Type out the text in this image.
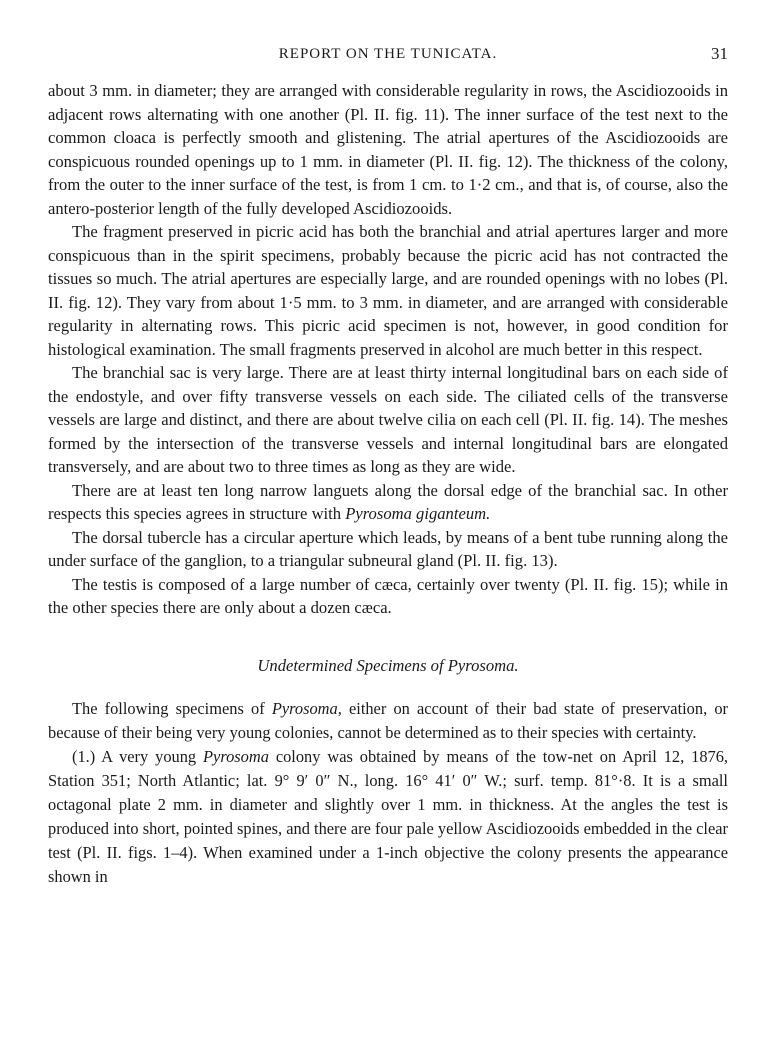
REPORT ON THE TUNICATA.	31

about 3 mm. in diameter; they are arranged with considerable regularity in rows, the Ascidiozooids in adjacent rows alternating with one another (Pl. II. fig. 11). The inner surface of the test next to the common cloaca is perfectly smooth and glistening. The atrial apertures of the Ascidiozooids are conspicuous rounded openings up to 1 mm. in diameter (Pl. II. fig. 12). The thickness of the colony, from the outer to the inner surface of the test, is from 1 cm. to 1·2 cm., and that is, of course, also the antero-posterior length of the fully developed Ascidiozooids.

The fragment preserved in picric acid has both the branchial and atrial apertures larger and more conspicuous than in the spirit specimens, probably because the picric acid has not contracted the tissues so much. The atrial apertures are especially large, and are rounded openings with no lobes (Pl. II. fig. 12). They vary from about 1·5 mm. to 3 mm. in diameter, and are arranged with considerable regularity in alternating rows. This picric acid specimen is not, however, in good condition for histological examination. The small fragments preserved in alcohol are much better in this respect.

The branchial sac is very large. There are at least thirty internal longitudinal bars on each side of the endostyle, and over fifty transverse vessels on each side. The ciliated cells of the transverse vessels are large and distinct, and there are about twelve cilia on each cell (Pl. II. fig. 14). The meshes formed by the intersection of the transverse vessels and internal longitudinal bars are elongated transversely, and are about two to three times as long as they are wide.

There are at least ten long narrow languets along the dorsal edge of the branchial sac. In other respects this species agrees in structure with Pyrosoma giganteum.

The dorsal tubercle has a circular aperture which leads, by means of a bent tube running along the under surface of the ganglion, to a triangular subneural gland (Pl. II. fig. 13).

The testis is composed of a large number of cæca, certainly over twenty (Pl. II. fig. 15); while in the other species there are only about a dozen cæca.

Undetermined Specimens of Pyrosoma.

The following specimens of Pyrosoma, either on account of their bad state of preservation, or because of their being very young colonies, cannot be determined as to their species with certainty.

(1.) A very young Pyrosoma colony was obtained by means of the tow-net on April 12, 1876, Station 351; North Atlantic; lat. 9° 9′ 0″ N., long. 16° 41′ 0″ W.; surf. temp. 81°·8. It is a small octagonal plate 2 mm. in diameter and slightly over 1 mm. in thickness. At the angles the test is produced into short, pointed spines, and there are four pale yellow Ascidiozooids embedded in the clear test (Pl. II. figs. 1–4). When examined under a 1-inch objective the colony presents the appearance shown in
